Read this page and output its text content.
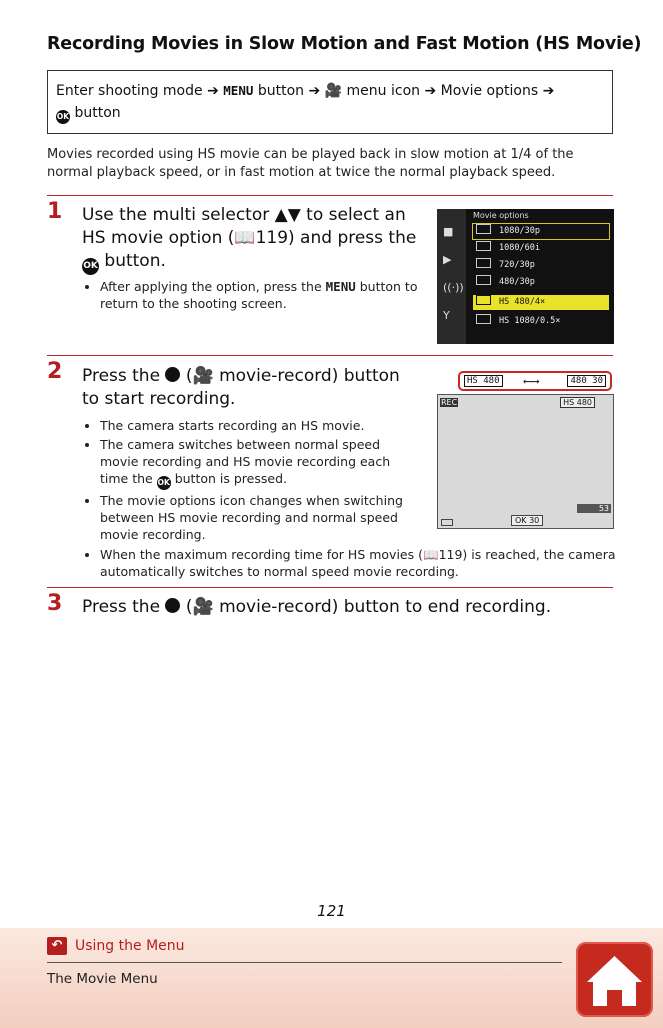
Recording Movies in Slow Motion and Fast Motion (HS Movie)
Enter shooting mode ➔ MENU button ➔ 🎥 menu icon ➔ Movie options ➔
OK button
Movies recorded using HS movie can be played back in slow motion at 1/4 of the normal playback speed, or in fast motion at twice the normal playback speed.
1 Use the multi selector ▲▼ to select an HS movie option (📖119) and press the OK button.
• After applying the option, press the MENU button to return to the shooting screen.
■
▶
((·))
Y
Movie options
1080/30p
1080/60i
720/30p
480/30p
HS 480/4×
HS 1080/0.5×
2 Press the (🎥 movie-record) button to start recording.
• The camera starts recording an HS movie.
• The camera switches between normal speed movie recording and HS movie recording each time the OK button is pressed.
• The movie options icon changes when switching between HS movie recording and normal speed movie recording.
• When the maximum recording time for HS movies (📖119) is reached, the camera automatically switches to normal speed movie recording.
HS 480 ⟵⟶	480 30
REC	HS 480
53
OK 30
3 Press the (🎥 movie-record) button to end recording.
121
↶ Using the Menu
The Movie Menu
